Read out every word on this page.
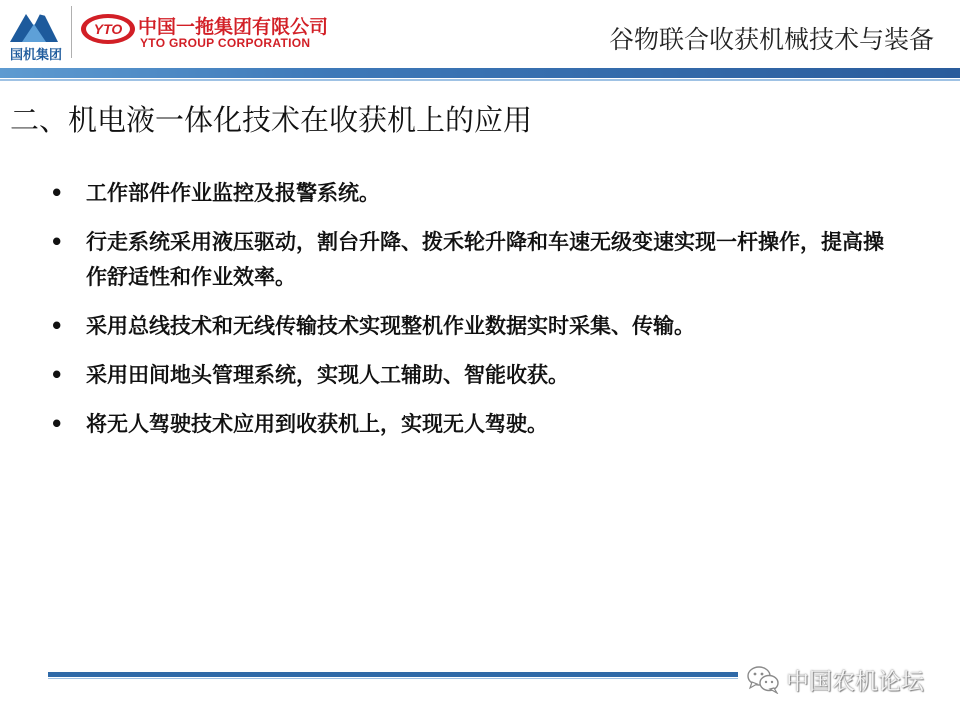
国机集团
YTO 中国一拖集团有限公司
YTO GROUP CORPORATION	谷物联合收获机械技术与装备
二、机电液一体化技术在收获机上的应用
• 工作部件作业监控及报警系统。
• 行走系统采用液压驱动，割台升降、拨禾轮升降和车速无级变速实现一杆操作，提高操作舒适性和作业效率。
• 采用总线技术和无线传输技术实现整机作业数据实时采集、传输。
• 采用田间地头管理系统，实现人工辅助、智能收获。
• 将无人驾驶技术应用到收获机上，实现无人驾驶。
中国农机论坛
